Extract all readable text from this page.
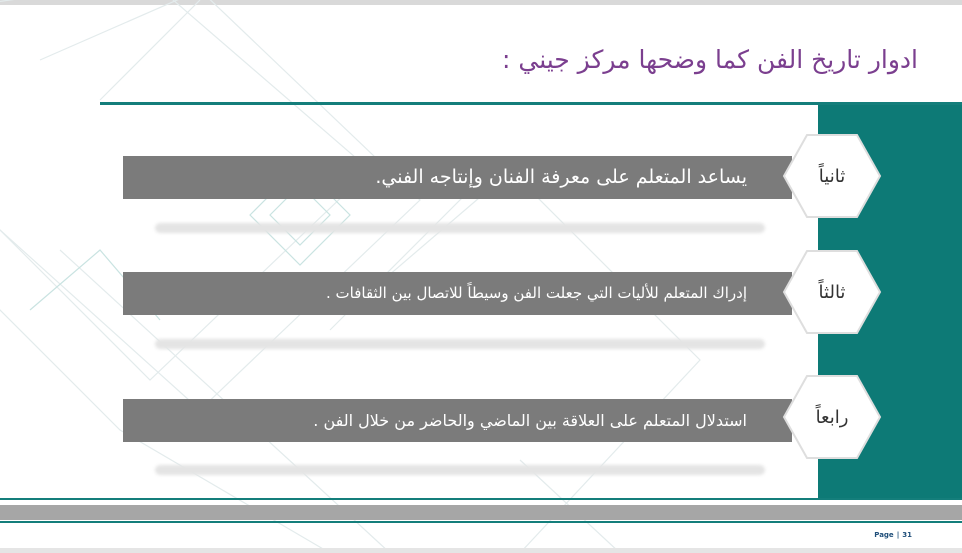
ادوار تاريخ الفن كما وضحها مركز جيني :
يساعد المتعلم على معرفة الفنان وإنتاجه الفني.	ثانياً
إدراك المتعلم للأليات التي جعلت الفن وسيطاً للاتصال بين الثقافات .	ثالثاً
استدلال المتعلم على العلاقة بين الماضي والحاضر من خلال الفن .	رابعاً
Page | 31
